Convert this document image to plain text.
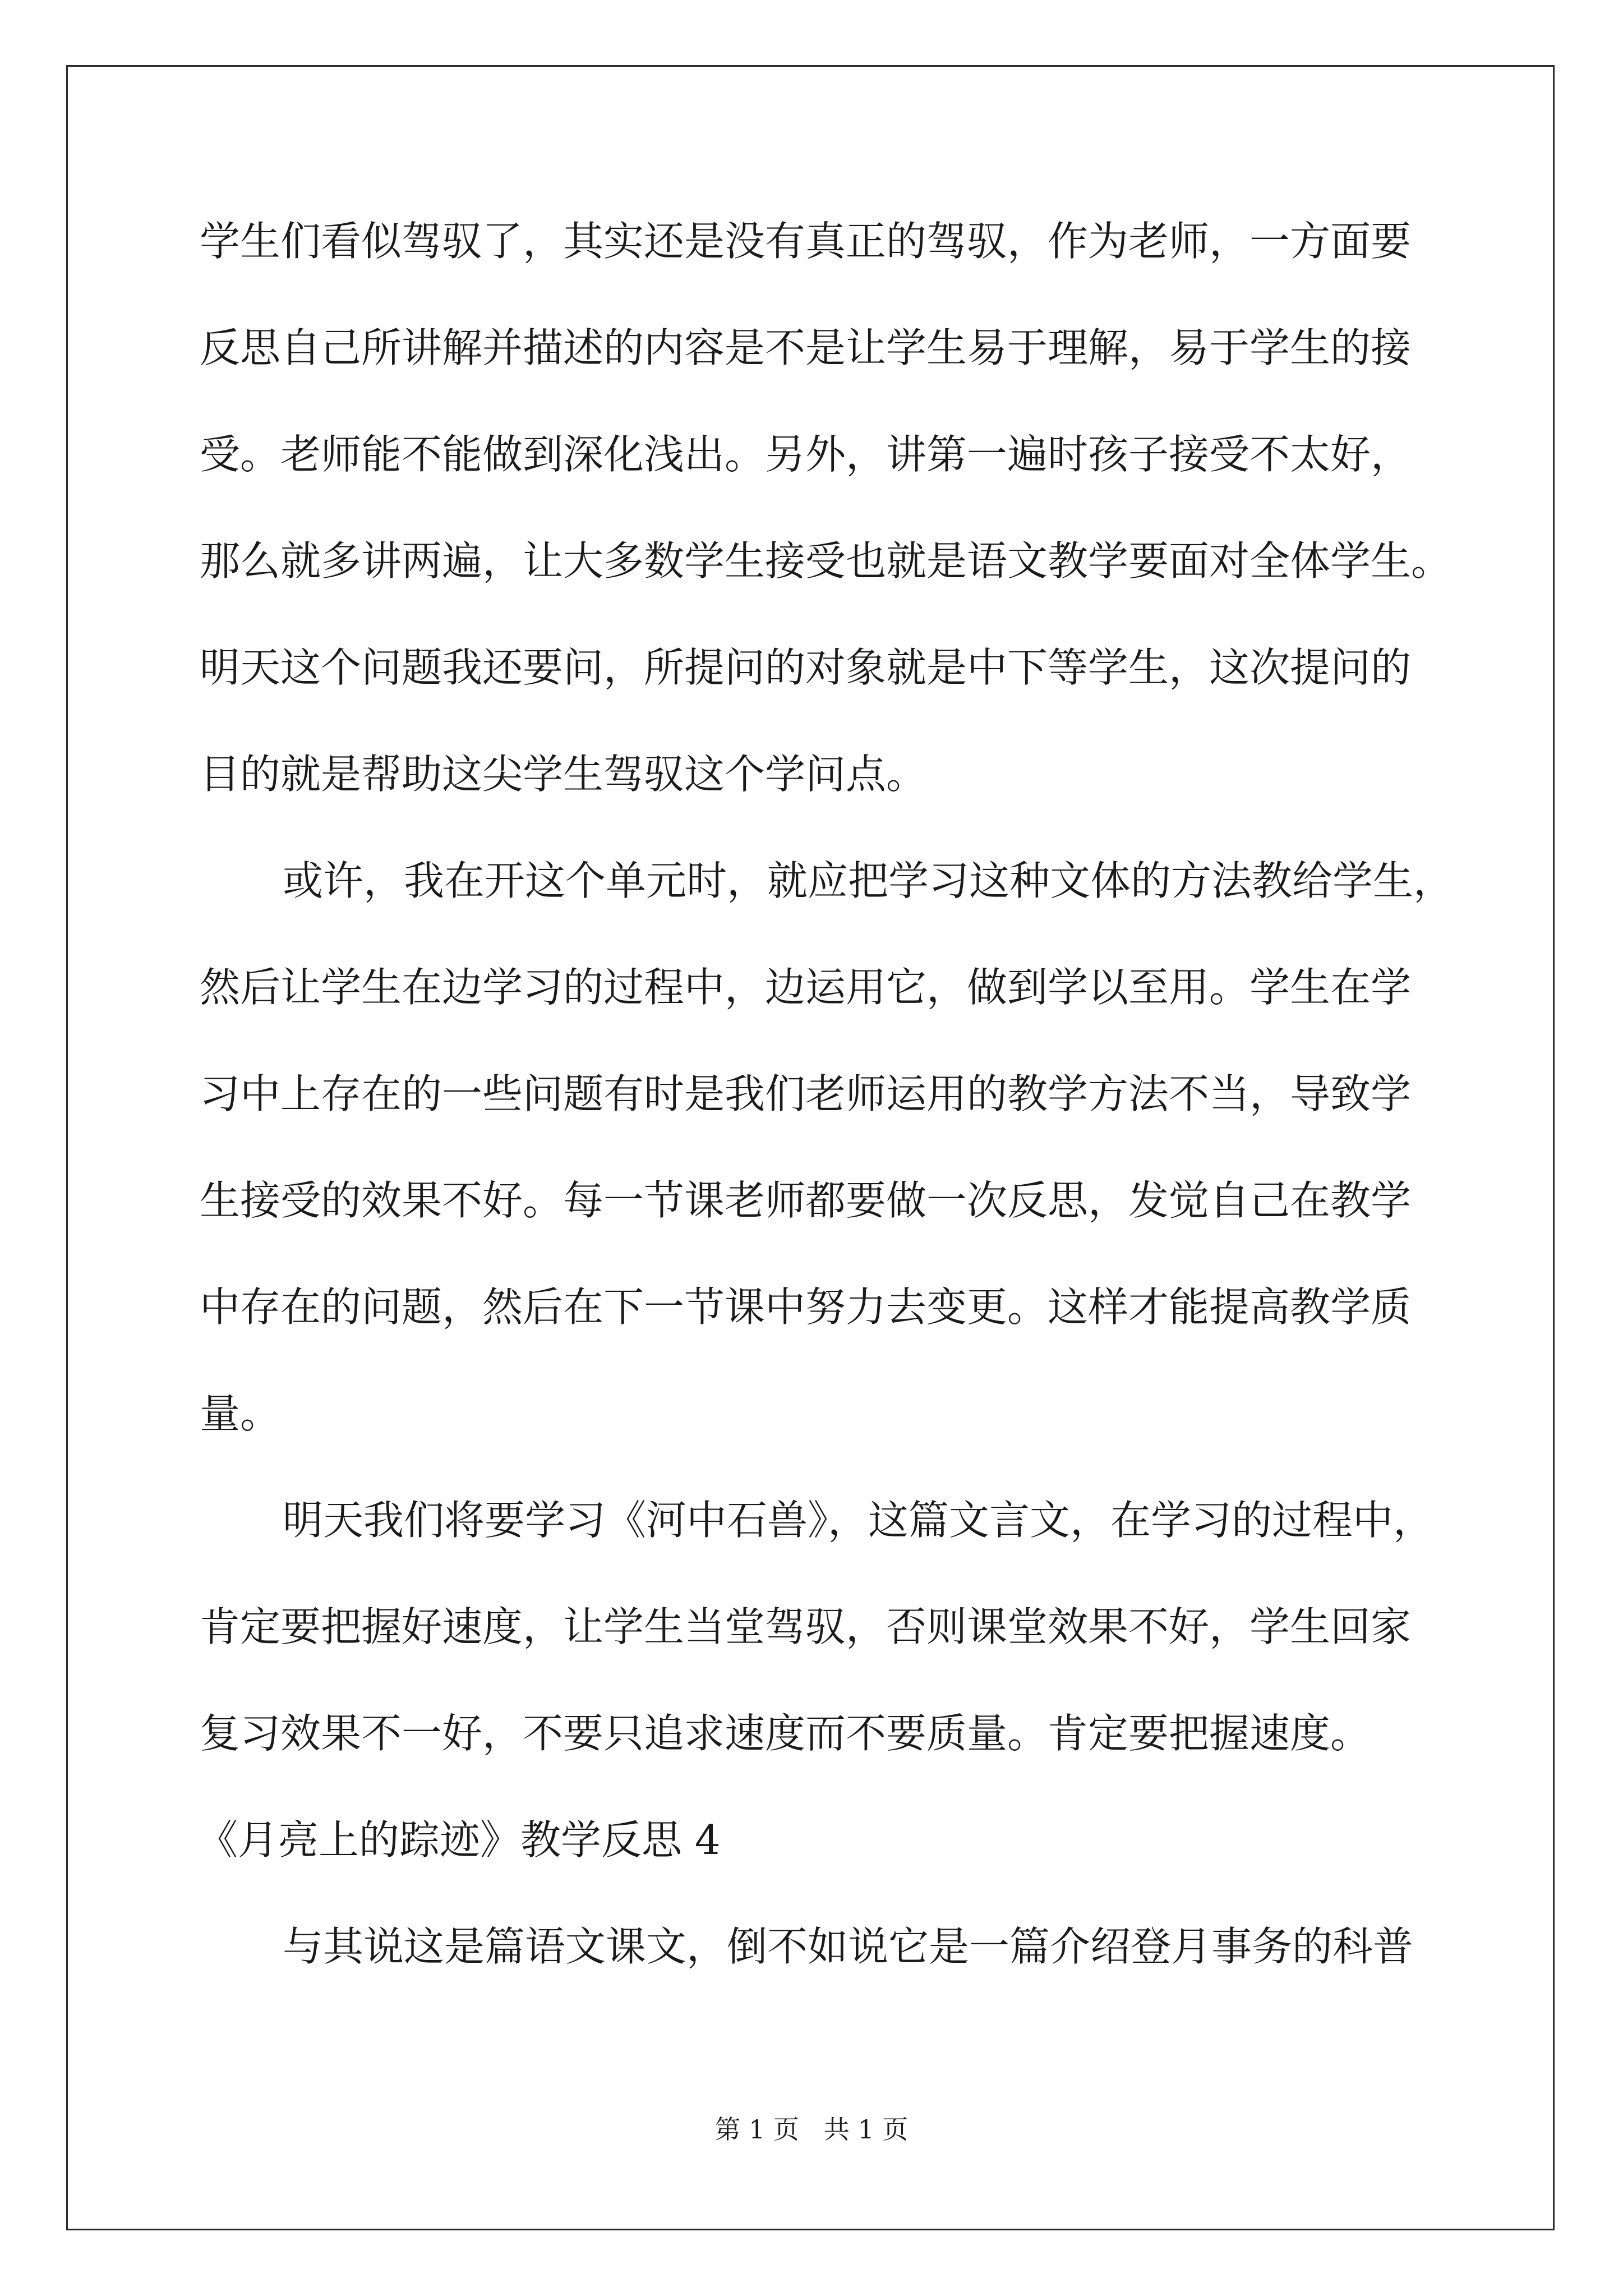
学生们看似驾驭了，其实还是没有真正的驾驭，作为老师，一方面要
反思自己所讲解并描述的内容是不是让学生易于理解，易于学生的接
受。老师能不能做到深化浅出。另外，讲第一遍时孩子接受不太好，
那么就多讲两遍，让大多数学生接受也就是语文教学要面对全体学生。
明天这个问题我还要问，所提问的对象就是中下等学生，这次提问的
目的就是帮助这尖学生驾驭这个学问点。
或许，我在开这个单元时，就应把学习这种文体的方法教给学生，
然后让学生在边学习的过程中，边运用它，做到学以至用。学生在学
习中上存在的一些问题有时是我们老师运用的教学方法不当，导致学
生接受的效果不好。每一节课老师都要做一次反思，发觉自己在教学
中存在的问题，然后在下一节课中努力去变更。这样才能提高教学质
量。
明天我们将要学习《河中石兽》，这篇文言文，在学习的过程中，
肯定要把握好速度，让学生当堂驾驭，否则课堂效果不好，学生回家
复习效果不一好，不要只追求速度而不要质量。肯定要把握速度。
《月亮上的踪迹》教学反思 4
与其说这是篇语文课文，倒不如说它是一篇介绍登月事务的科普
第 1 页   共 1 页
